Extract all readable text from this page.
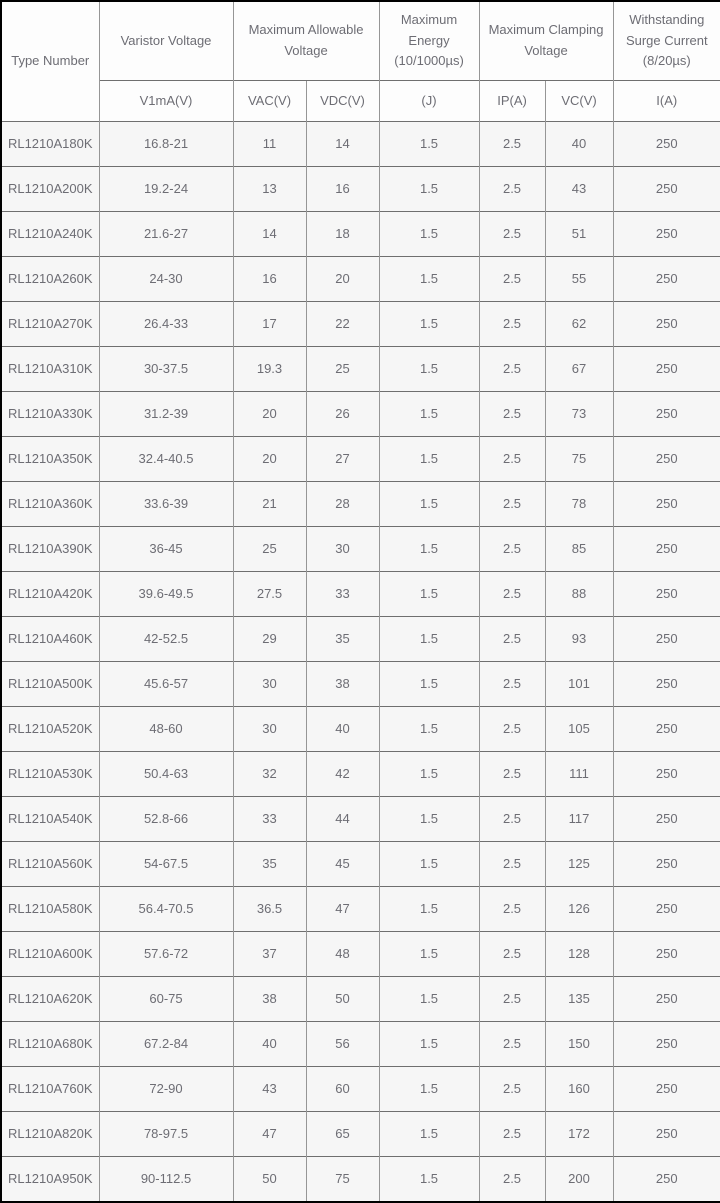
Type Number	Varistor Voltage	Maximum Allowable Voltage		Maximum Energy (10/1000µs)	Maximum Clamping Voltage		Withstanding Surge Current (8/20µs)
	V1mA(V)	VAC(V)	VDC(V)	(J)	IP(A)	VC(V)	I(A)
RL1210A180K	16.8-21	11	14	1.5	2.5	40	250
RL1210A200K	19.2-24	13	16	1.5	2.5	43	250
RL1210A240K	21.6-27	14	18	1.5	2.5	51	250
RL1210A260K	24-30	16	20	1.5	2.5	55	250
RL1210A270K	26.4-33	17	22	1.5	2.5	62	250
RL1210A310K	30-37.5	19.3	25	1.5	2.5	67	250
RL1210A330K	31.2-39	20	26	1.5	2.5	73	250
RL1210A350K	32.4-40.5	20	27	1.5	2.5	75	250
RL1210A360K	33.6-39	21	28	1.5	2.5	78	250
RL1210A390K	36-45	25	30	1.5	2.5	85	250
RL1210A420K	39.6-49.5	27.5	33	1.5	2.5	88	250
RL1210A460K	42-52.5	29	35	1.5	2.5	93	250
RL1210A500K	45.6-57	30	38	1.5	2.5	101	250
RL1210A520K	48-60	30	40	1.5	2.5	105	250
RL1210A530K	50.4-63	32	42	1.5	2.5	111	250
RL1210A540K	52.8-66	33	44	1.5	2.5	117	250
RL1210A560K	54-67.5	35	45	1.5	2.5	125	250
RL1210A580K	56.4-70.5	36.5	47	1.5	2.5	126	250
RL1210A600K	57.6-72	37	48	1.5	2.5	128	250
RL1210A620K	60-75	38	50	1.5	2.5	135	250
RL1210A680K	67.2-84	40	56	1.5	2.5	150	250
RL1210A760K	72-90	43	60	1.5	2.5	160	250
RL1210A820K	78-97.5	47	65	1.5	2.5	172	250
RL1210A950K	90-112.5	50	75	1.5	2.5	200	250
